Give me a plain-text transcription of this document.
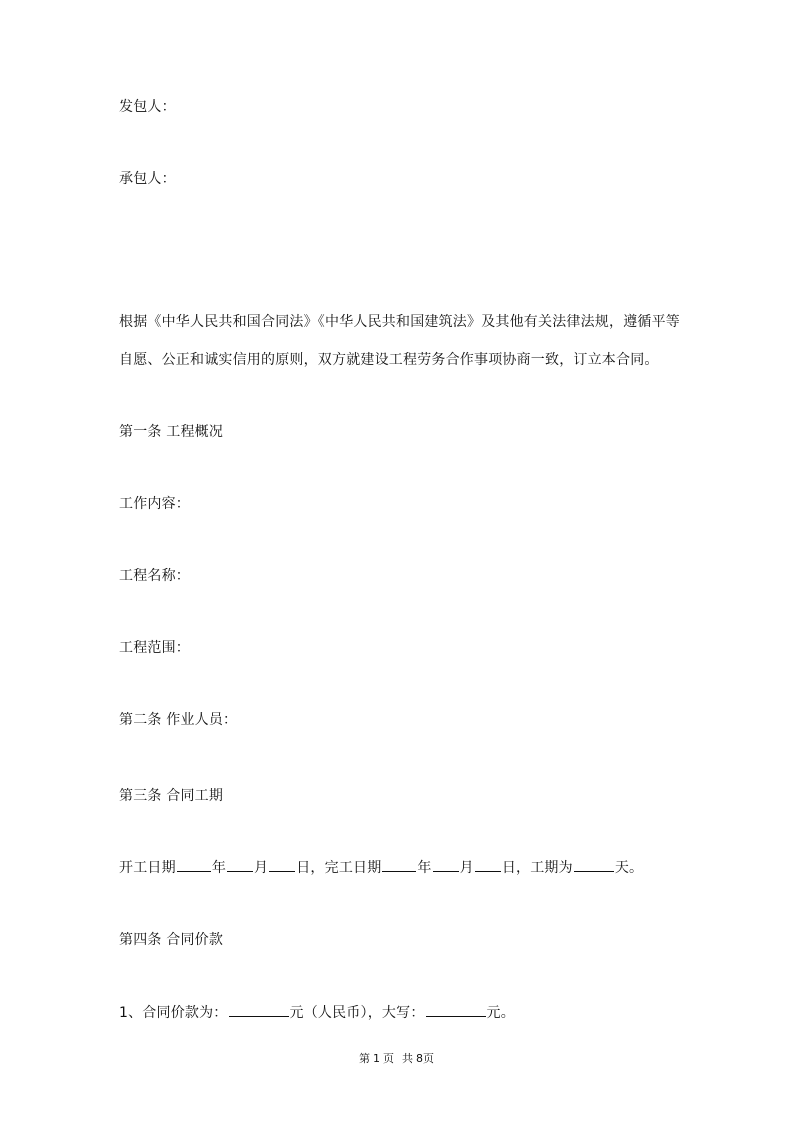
发包人：
承包人：
根据《中华人民共和国合同法》《中华人民共和国建筑法》及其他有关法律法规，遵循平等
自愿、公正和诚实信用的原则，双方就建设工程劳务合作事项协商一致，订立本合同。
第一条 工程概况
工作内容：
工程名称：
工程范围：
第二条 作业人员：
第三条 合同工期
开工日期	年 月 日，完工日期	年 月 日，工期为	天。
第四条 合同价款
1、合同价款为：	元（人民币），大写：	元。
第 1 页 共 8页
